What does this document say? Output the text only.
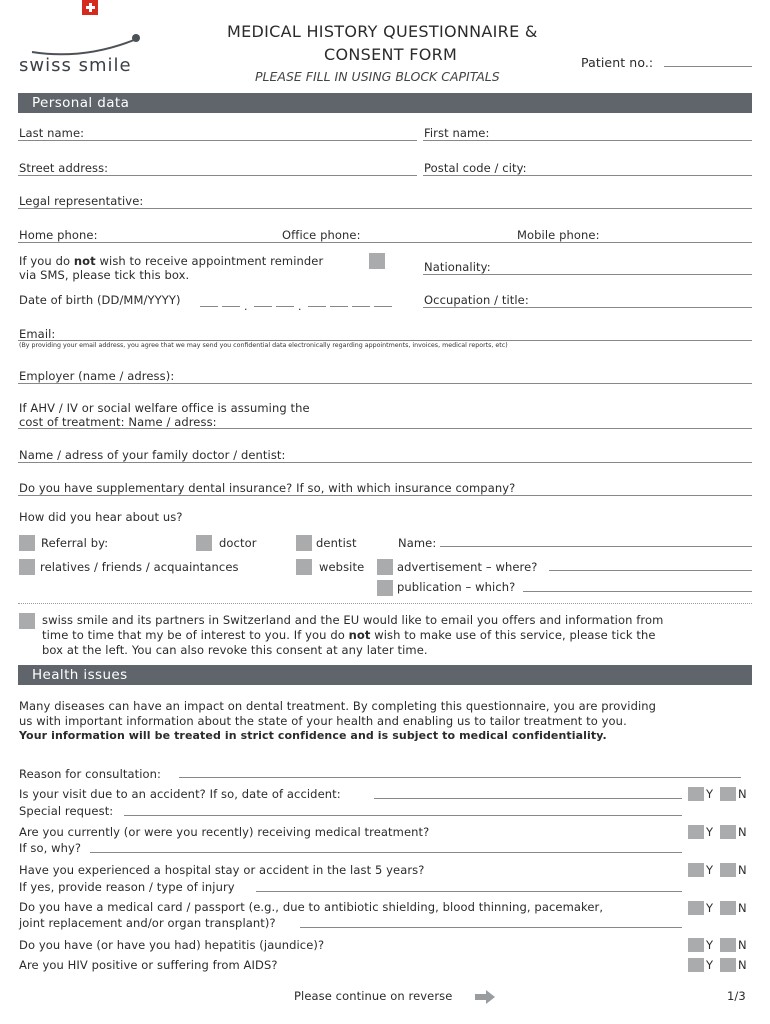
swiss smile
MEDICAL HISTORY QUESTIONNAIRE &
CONSENT FORM
PLEASE FILL IN USING BLOCK CAPITALS
Patient no.:
Personal data
Last name:	First name:
Street address:	Postal code / city:
Legal representative:
Home phone:	Office phone:	Mobile phone:
If you do not wish to receive appointment reminder
via SMS, please tick this box.
Nationality:
Date of birth (DD/MM/YYYY)	.	.	Occupation / title:
Email:
(By providing your email address, you agree that we may send you confidential data electronically regarding appointments, invoices, medical reports, etc)
Employer (name / adress):
If AHV / IV or social welfare office is assuming the
cost of treatment: Name / adress:
Name / adress of your family doctor / dentist:
Do you have supplementary dental insurance? If so, with which insurance company?
How did you hear about us?
Referral by:	doctor	dentist	Name:
relatives / friends / acquaintances	website	advertisement – where?
publication – which?
swiss smile and its partners in Switzerland and the EU would like to email you offers and information from
time to time that my be of interest to you. If you do not wish to make use of this service, please tick the
box at the left. You can also revoke this consent at any later time.
Health issues
Many diseases can have an impact on dental treatment. By completing this questionnaire, you are providing
us with important information about the state of your health and enabling us to tailor treatment to you.
Your information will be treated in strict confidence and is subject to medical confidentiality.
Reason for consultation:
Is your visit due to an accident? If so, date of accident:	Y N
Special request:
Are you currently (or were you recently) receiving medical treatment?	Y N
If so, why?
Have you experienced a hospital stay or accident in the last 5 years?	Y N
If yes, provide reason / type of injury
Do you have a medical card / passport (e.g., due to antibiotic shielding, blood thinning, pacemaker,
joint replacement and/or organ transplant)?
Y N
Do you have (or have you had) hepatitis (jaundice)?	Y N
Are you HIV positive or suffering from AIDS?	Y N
Please continue on reverse	1/3
